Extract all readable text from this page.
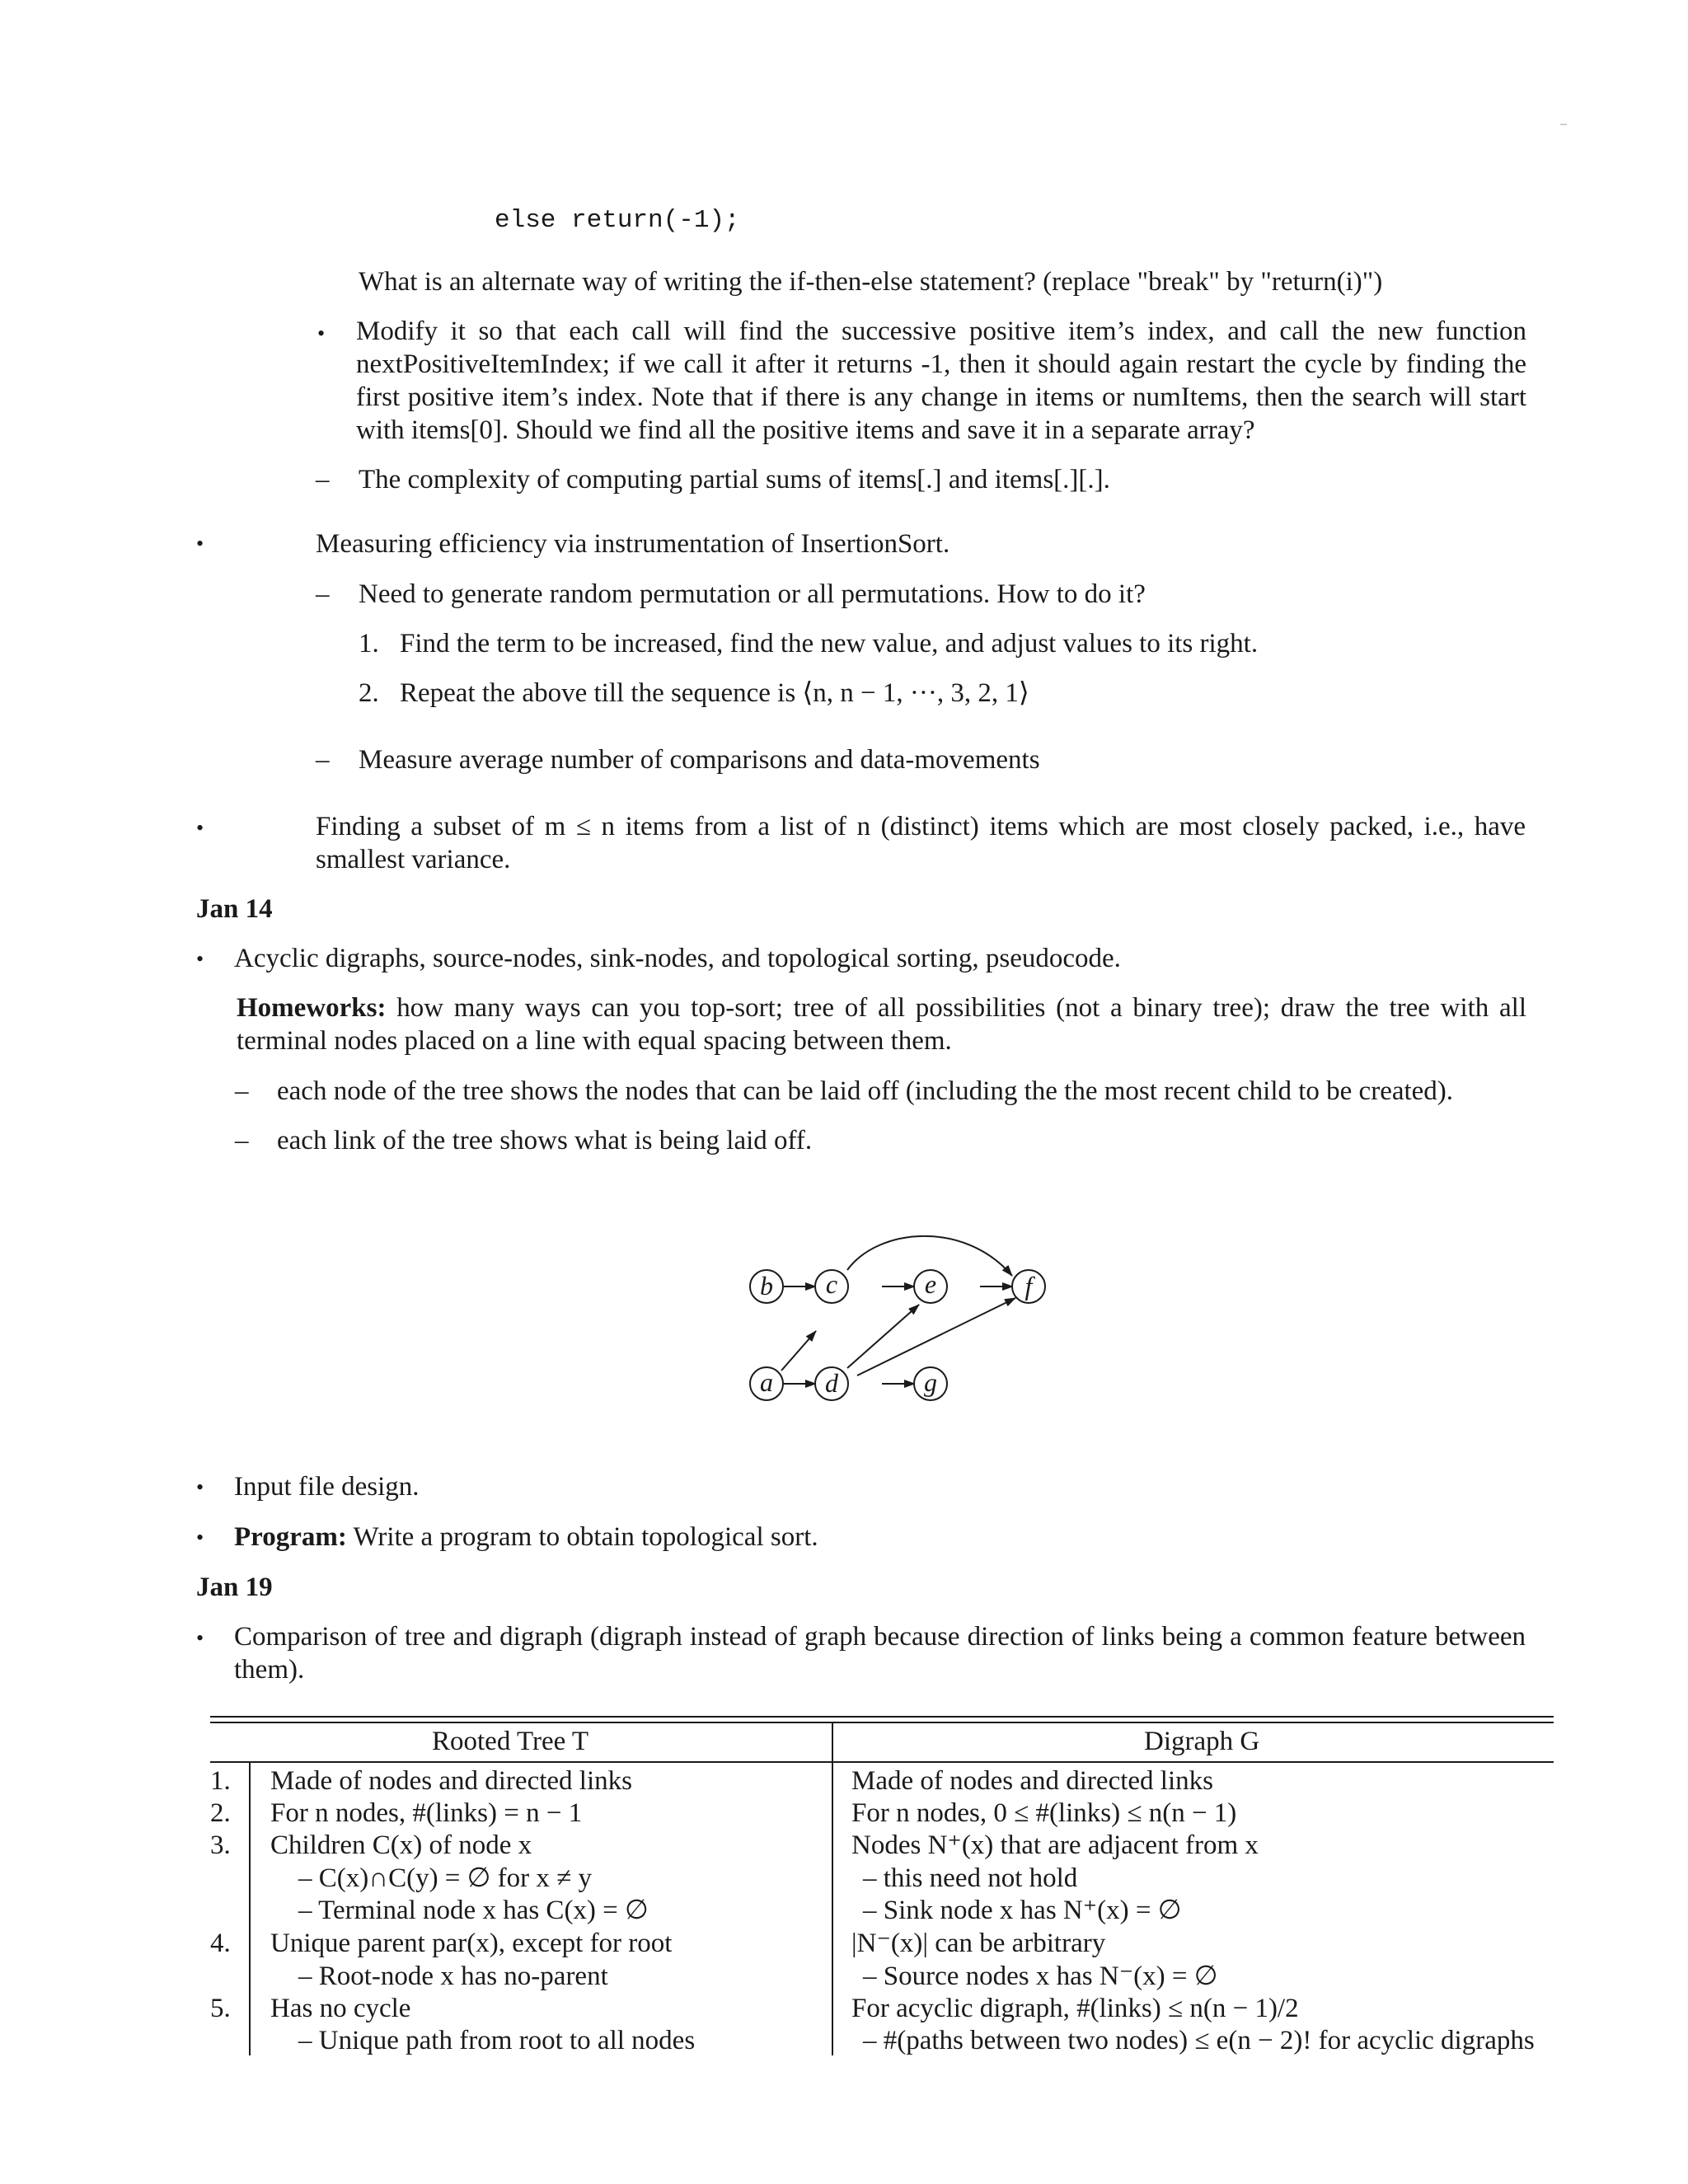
else return(-1);
What is an alternate way of writing the if-then-else statement? (replace "break" by "return(i)")
• Modify it so that each call will find the successive positive item’s index, and call the new function nextPositiveItemIndex; if we call it after it returns -1, then it should again restart the cycle by finding the first positive item’s index. Note that if there is any change in items or numItems, then the search will start with items[0]. Should we find all the positive items and save it in a separate array?
– The complexity of computing partial sums of items[.] and items[.][.].
•	Measuring efficiency via instrumentation of InsertionSort.
– Need to generate random permutation or all permutations. How to do it?
1. Find the term to be increased, find the new value, and adjust values to its right.
2. Repeat the above till the sequence is ⟨n, n − 1, ···, 3, 2, 1⟩
– Measure average number of comparisons and data-movements
•	Finding a subset of m ≤ n items from a list of n (distinct) items which are most closely packed, i.e., have smallest variance.
Jan 14
• Acyclic digraphs, source-nodes, sink-nodes, and topological sorting, pseudocode.
Homeworks: how many ways can you top-sort; tree of all possibilities (not a binary tree); draw the tree with all terminal nodes placed on a line with equal spacing between them.
– each node of the tree shows the nodes that can be laid off (including the the most recent child to be created).
– each link of the tree shows what is being laid off.
b c	e	f
a d	g
• Input file design.
• Program: Write a program to obtain topological sort.
Jan 19
• Comparison of tree and digraph (digraph instead of graph because direction of links being a common feature between them).
Rooted Tree T	Digraph G
1. Made of nodes and directed links	Made of nodes and directed links
2. For n nodes, #(links) = n − 1	For n nodes, 0 ≤ #(links) ≤ n(n − 1)
3. Children C(x) of node x	Nodes N⁺(x) that are adjacent from x
– C(x)∩C(y) = ∅ for x ≠ y	– this need not hold
– Terminal node x has C(x) = ∅	– Sink node x has N⁺(x) = ∅
4. Unique parent par(x), except for root	|N⁻(x)| can be arbitrary
– Root-node x has no-parent	– Source nodes x has N⁻(x) = ∅
5. Has no cycle	For acyclic digraph, #(links) ≤ n(n − 1)/2
– Unique path from root to all nodes	– #(paths between two nodes) ≤ e(n − 2)! for acyclic digraphs
